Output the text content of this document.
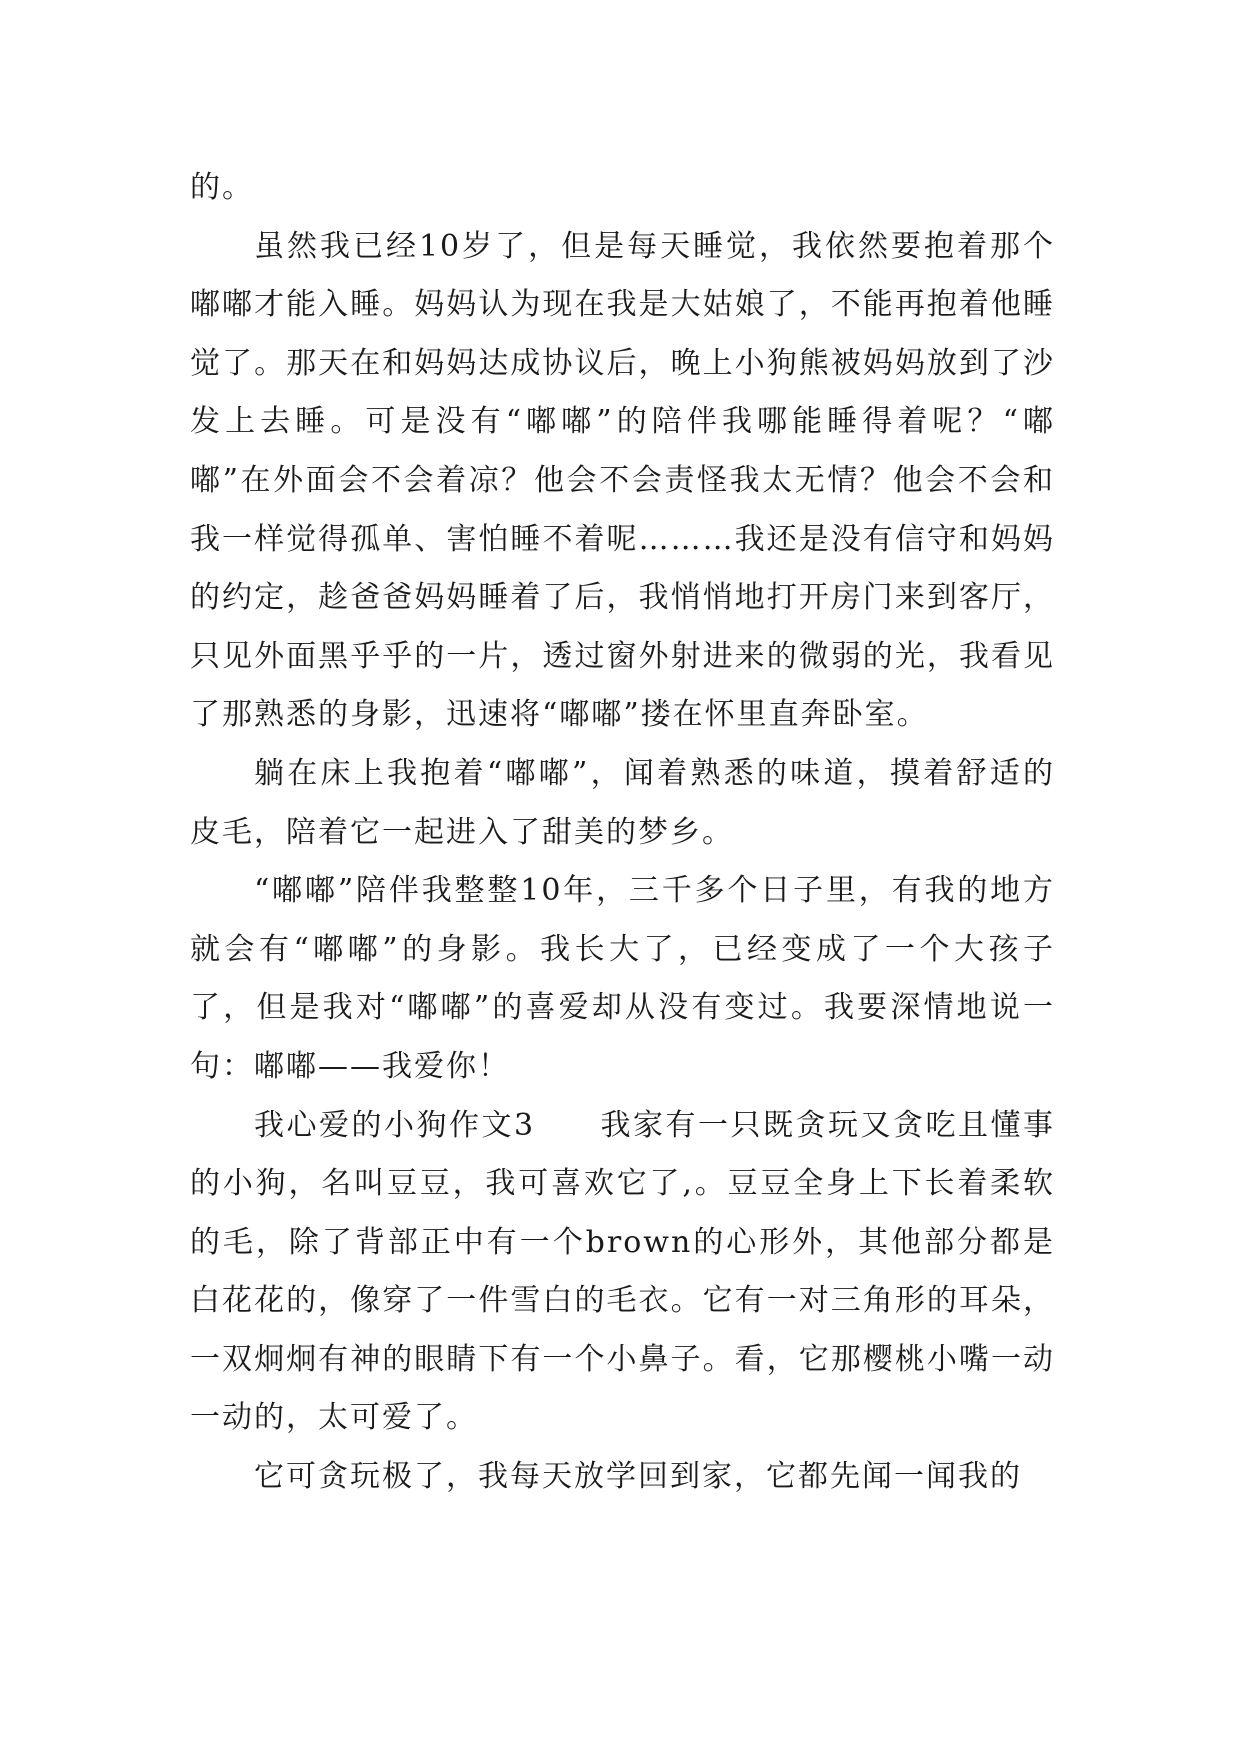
的。

虽然我已经10岁了，但是每天睡觉，我依然要抱着那个嘟嘟才能入睡。妈妈认为现在我是大姑娘了，不能再抱着他睡觉了。那天在和妈妈达成协议后，晚上小狗熊被妈妈放到了沙发上去睡。可是没有“嘟嘟”的陪伴我哪能睡得着呢？“嘟嘟”在外面会不会着凉？他会不会责怪我太无情？他会不会和我一样觉得孤单、害怕睡不着呢………我还是没有信守和妈妈的约定，趁爸爸妈妈睡着了后，我悄悄地打开房门来到客厅，只见外面黑乎乎的一片，透过窗外射进来的微弱的光，我看见了那熟悉的身影，迅速将“嘟嘟”搂在怀里直奔卧室。

躺在床上我抱着“嘟嘟”，闻着熟悉的味道，摸着舒适的皮毛，陪着它一起进入了甜美的梦乡。

“嘟嘟”陪伴我整整10年，三千多个日子里，有我的地方就会有“嘟嘟”的身影。我长大了，已经变成了一个大孩子了，但是我对“嘟嘟”的喜爱却从没有变过。我要深情地说一句：嘟嘟——我爱你！

我心爱的小狗作文3　　我家有一只既贪玩又贪吃且懂事的小狗，名叫豆豆，我可喜欢它了,。豆豆全身上下长着柔软的毛，除了背部正中有一个brown的心形外，其他部分都是白花花的，像穿了一件雪白的毛衣。它有一对三角形的耳朵，一双炯炯有神的眼睛下有一个小鼻子。看，它那樱桃小嘴一动一动的，太可爱了。

它可贪玩极了，我每天放学回到家，它都先闻一闻我的
